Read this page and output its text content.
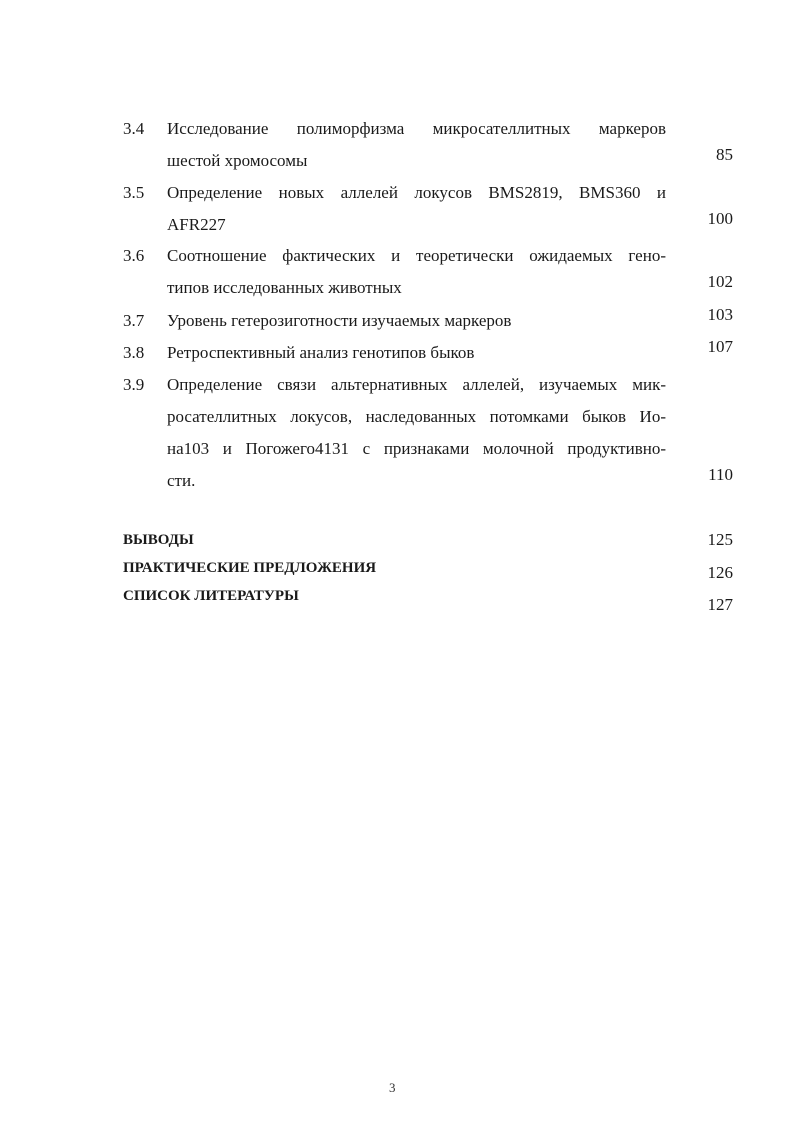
3.4 Исследование полиморфизма микросателлитных маркеров
шестой хромосомы	85
3.5 Определение новых аллелей локусов BMS2819, BMS360 и
AFR227	100
3.6 Соотношение фактических и теоретически ожидаемых гено-
типов исследованных животных	102
3.7 Уровень гетерозиготности изучаемых маркеров	103
3.8 Ретроспективный анализ генотипов быков	107
3.9 Определение связи альтернативных аллелей, изучаемых мик-
росателлитных локусов, наследованных потомками быков Ио-
на103 и Погожего4131 с признаками молочной продуктивно-
сти.	110
ВЫВОДЫ	125
ПРАКТИЧЕСКИЕ ПРЕДЛОЖЕНИЯ	126
СПИСОК ЛИТЕРАТУРЫ	127
3
